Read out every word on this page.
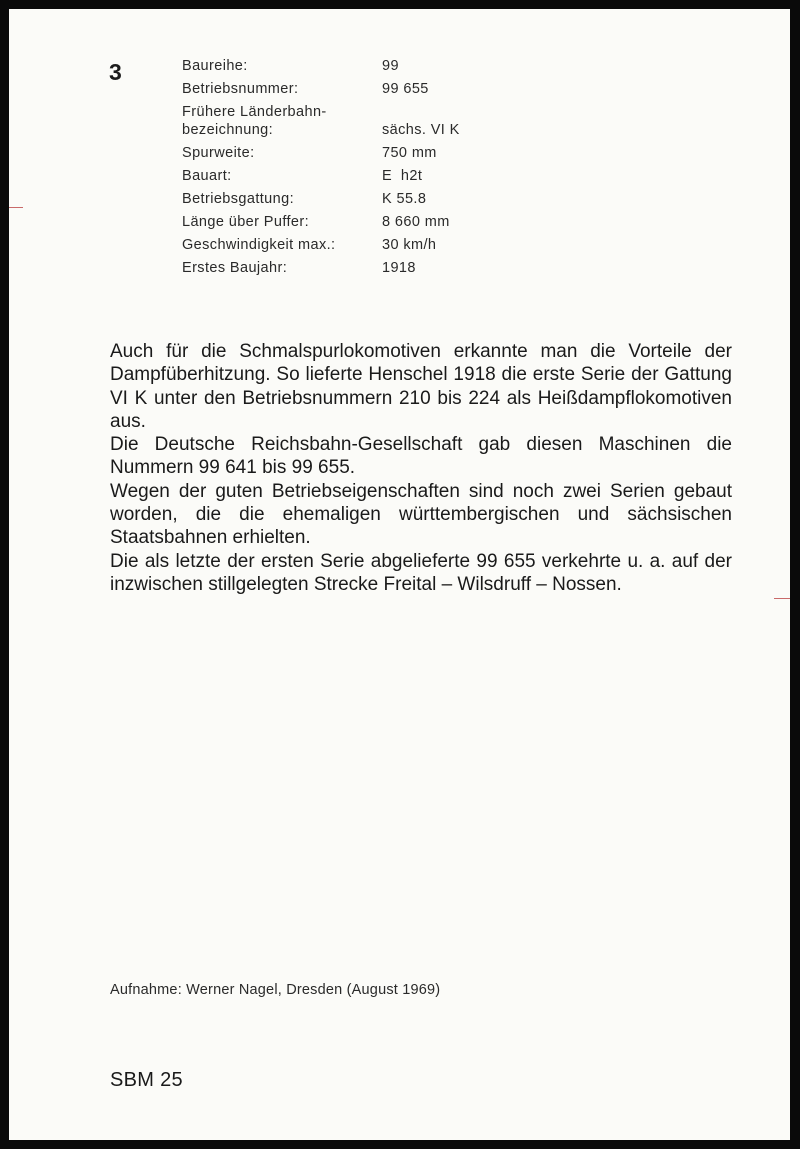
3	Baureihe:	99
Betriebsnummer:	99 655
Frühere Länderbahn-
bezeichnung:	sächs. VI K
Spurweite:	750 mm
Bauart:	E  h2t
Betriebsgattung:	K 55.8
Länge über Puffer:	8 660 mm
Geschwindigkeit max.:	30 km/h
Erstes Baujahr:	1918

Auch für die Schmalspurlokomotiven erkannte man die Vorteile der Dampfüberhitzung. So lieferte Henschel 1918 die erste Serie der Gattung VI K unter den Betriebsnummern 210 bis 224 als Heißdampflokomotiven aus.

Die Deutsche Reichsbahn-Gesellschaft gab diesen Maschinen die Nummern 99 641 bis 99 655.

Wegen der guten Betriebseigenschaften sind noch zwei Serien gebaut worden, die die ehemaligen württembergischen und sächsischen Staatsbahnen erhielten.

Die als letzte der ersten Serie abgelieferte 99 655 verkehrte u. a. auf der inzwischen stillgelegten Strecke Freital – Wilsdruff – Nossen.

Aufnahme: Werner Nagel, Dresden (August 1969)
SBM 25
